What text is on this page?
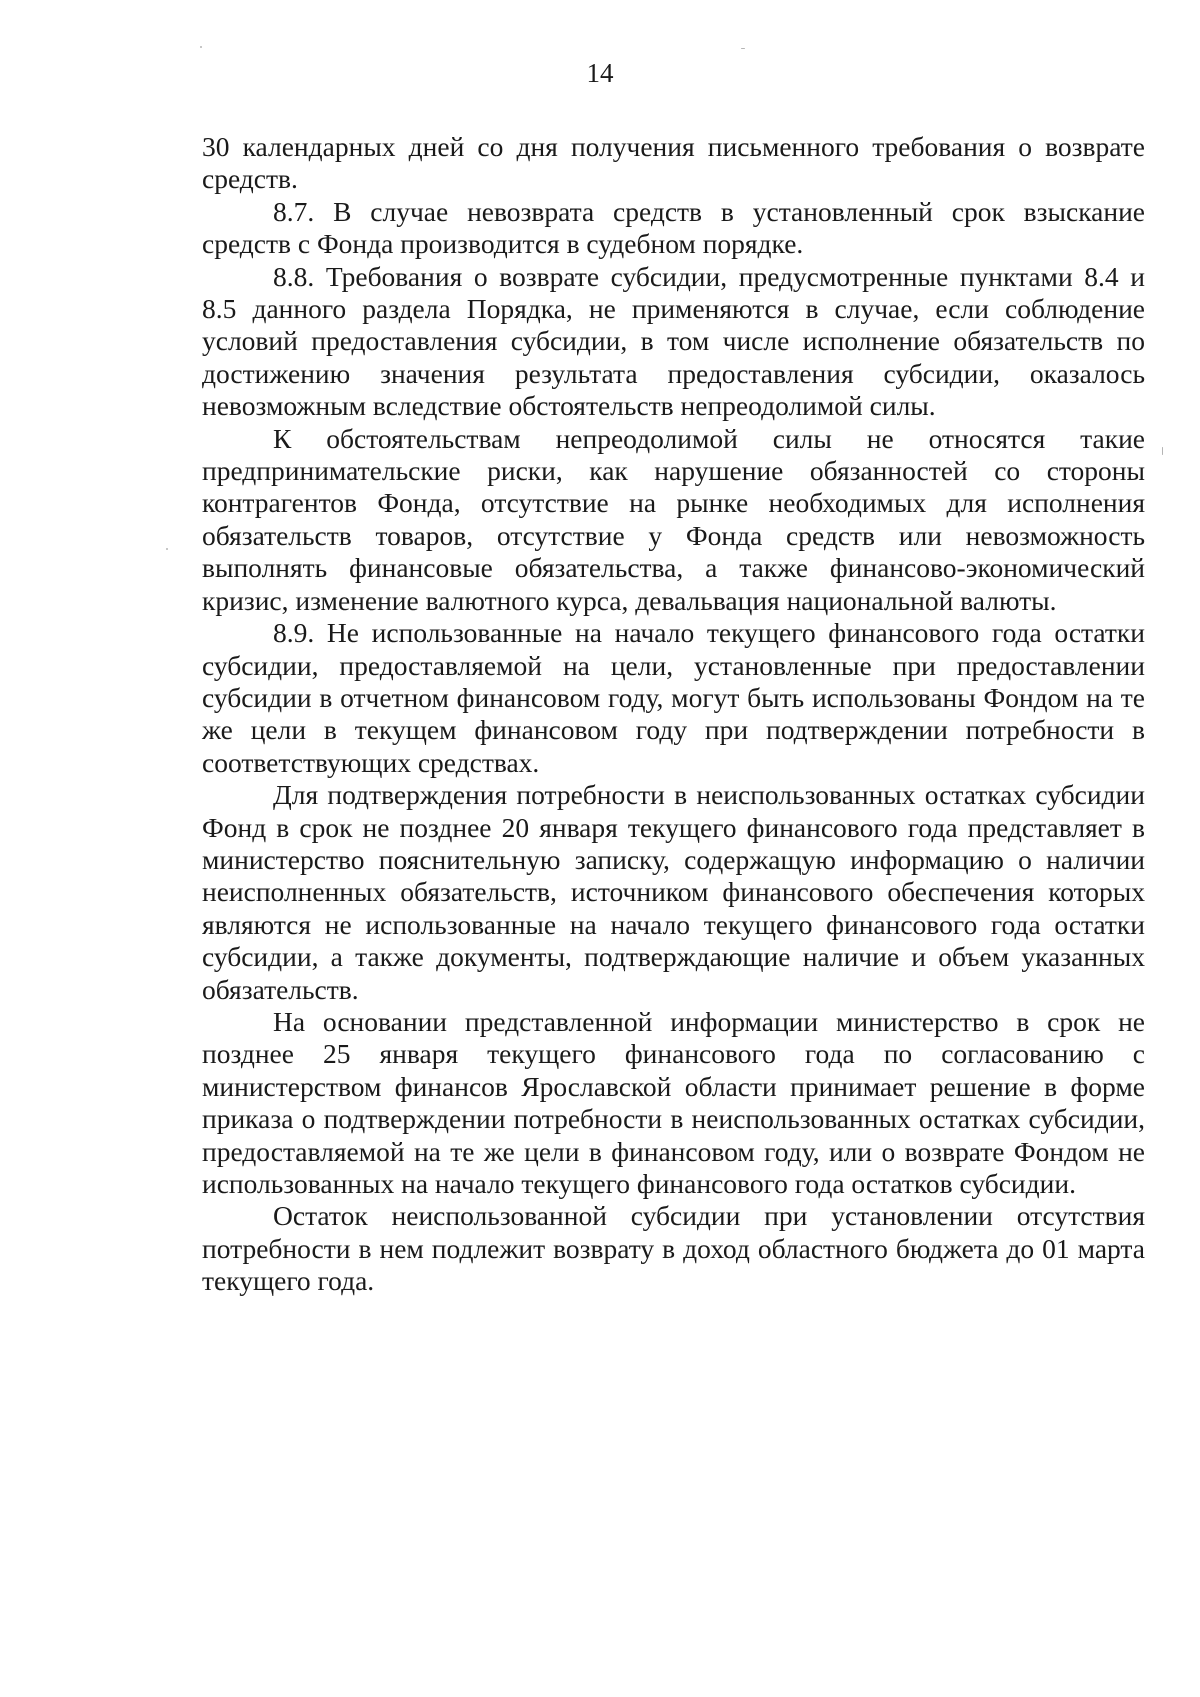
14

30 календарных дней со дня получения письменного требования о возврате средств.

8.7. В случае невозврата средств в установленный срок взыскание средств с Фонда производится в судебном порядке.

8.8. Требования о возврате субсидии, предусмотренные пунктами 8.4 и 8.5 данного раздела Порядка, не применяются в случае, если соблюдение условий предоставления субсидии, в том числе исполнение обязательств по достижению значения результата предоставления субсидии, оказалось невозможным вследствие обстоятельств непреодолимой силы.

К обстоятельствам непреодолимой силы не относятся такие предпринимательские риски, как нарушение обязанностей со стороны контрагентов Фонда, отсутствие на рынке необходимых для исполнения обязательств товаров, отсутствие у Фонда средств или невозможность выполнять финансовые обязательства, а также финансово-экономический кризис, изменение валютного курса, девальвация национальной валюты.

8.9. Не использованные на начало текущего финансового года остатки субсидии, предоставляемой на цели, установленные при предоставлении субсидии в отчетном финансовом году, могут быть использованы Фондом на те же цели в текущем финансовом году при подтверждении потребности в соответствующих средствах.

Для подтверждения потребности в неиспользованных остатках субсидии Фонд в срок не позднее 20 января текущего финансового года представляет в министерство пояснительную записку, содержащую информацию о наличии неисполненных обязательств, источником финансового обеспечения которых являются не использованные на начало текущего финансового года остатки субсидии, а также документы, подтверждающие наличие и объем указанных обязательств.

На основании представленной информации министерство в срок не позднее 25 января текущего финансового года по согласованию с министерством финансов Ярославской области принимает решение в форме приказа о подтверждении потребности в неиспользованных остатках субсидии, предоставляемой на те же цели в финансовом году, или о возврате Фондом не использованных на начало текущего финансового года остатков субсидии.

Остаток неиспользованной субсидии при установлении отсутствия потребности в нем подлежит возврату в доход областного бюджета до 01 марта текущего года.
